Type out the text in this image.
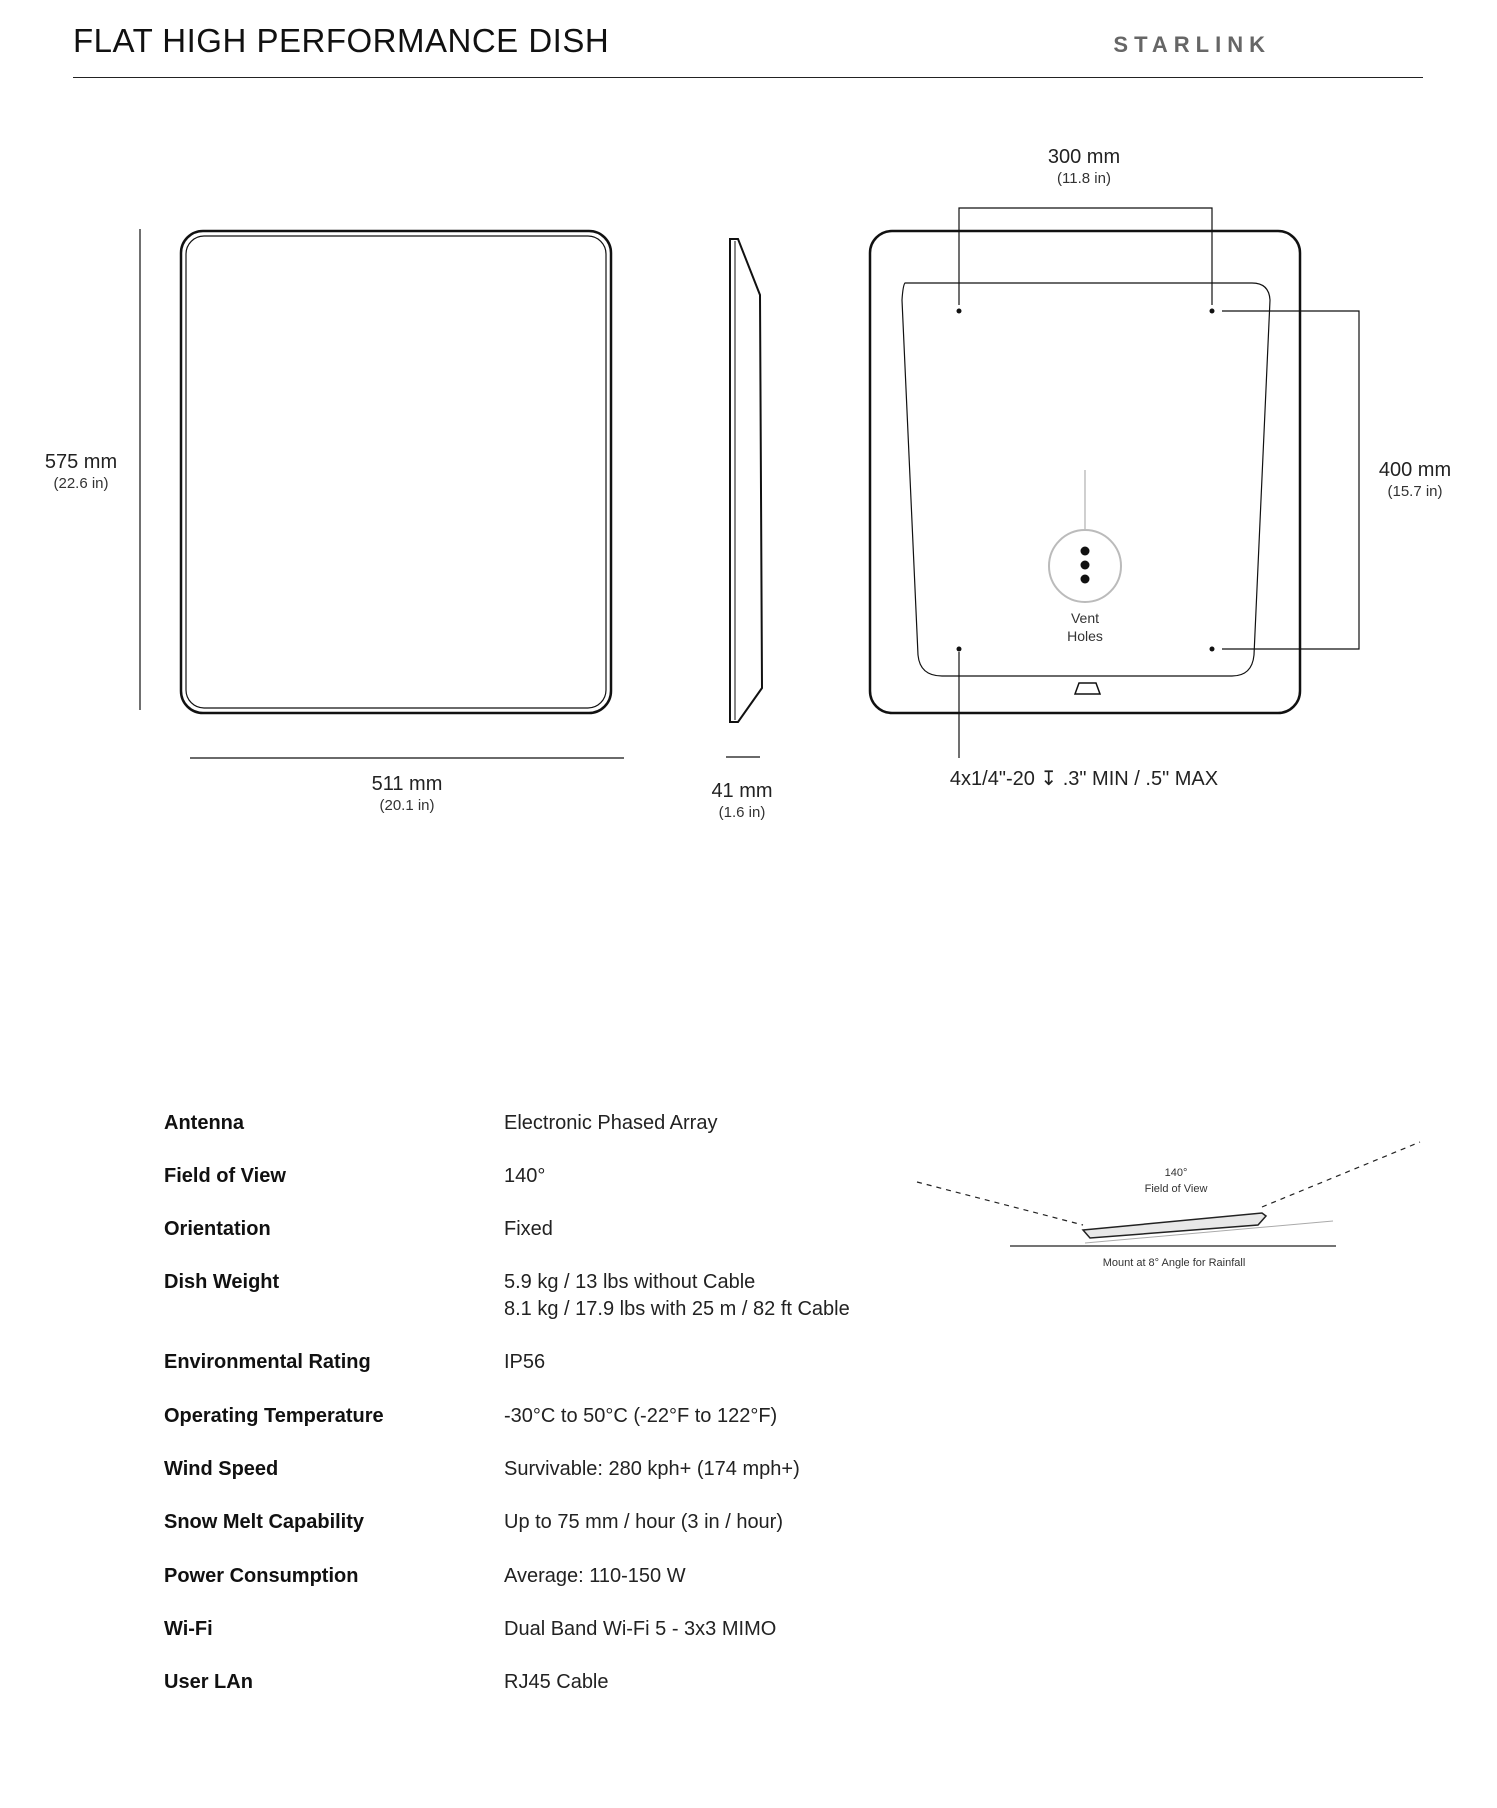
FLAT HIGH PERFORMANCE DISH	STARLINK
575 mm
(22.6 in)
511 mm
(20.1 in)
41 mm
(1.6 in)
Vent
Holes
300 mm
(11.8 in)
400 mm
(15.7 in)
4x1/4"-20 ↧ .3" MIN / .5" MAX
140°
Field of View
Mount at 8° Angle for Rainfall
Antenna	Electronic Phased Array
Field of View	140°
Orientation	Fixed
Dish Weight	5.9 kg / 13 lbs without Cable
8.1 kg / 17.9 lbs with 25 m / 82 ft Cable
Environmental Rating	IP56
Operating Temperature	-30°C to 50°C (-22°F to 122°F)
Wind Speed	Survivable: 280 kph+ (174 mph+)
Snow Melt Capability	Up to 75 mm / hour (3 in / hour)
Power Consumption	Average: 110-150 W
Wi-Fi	Dual Band Wi-Fi 5 - 3x3 MIMO
User LAn	RJ45 Cable
